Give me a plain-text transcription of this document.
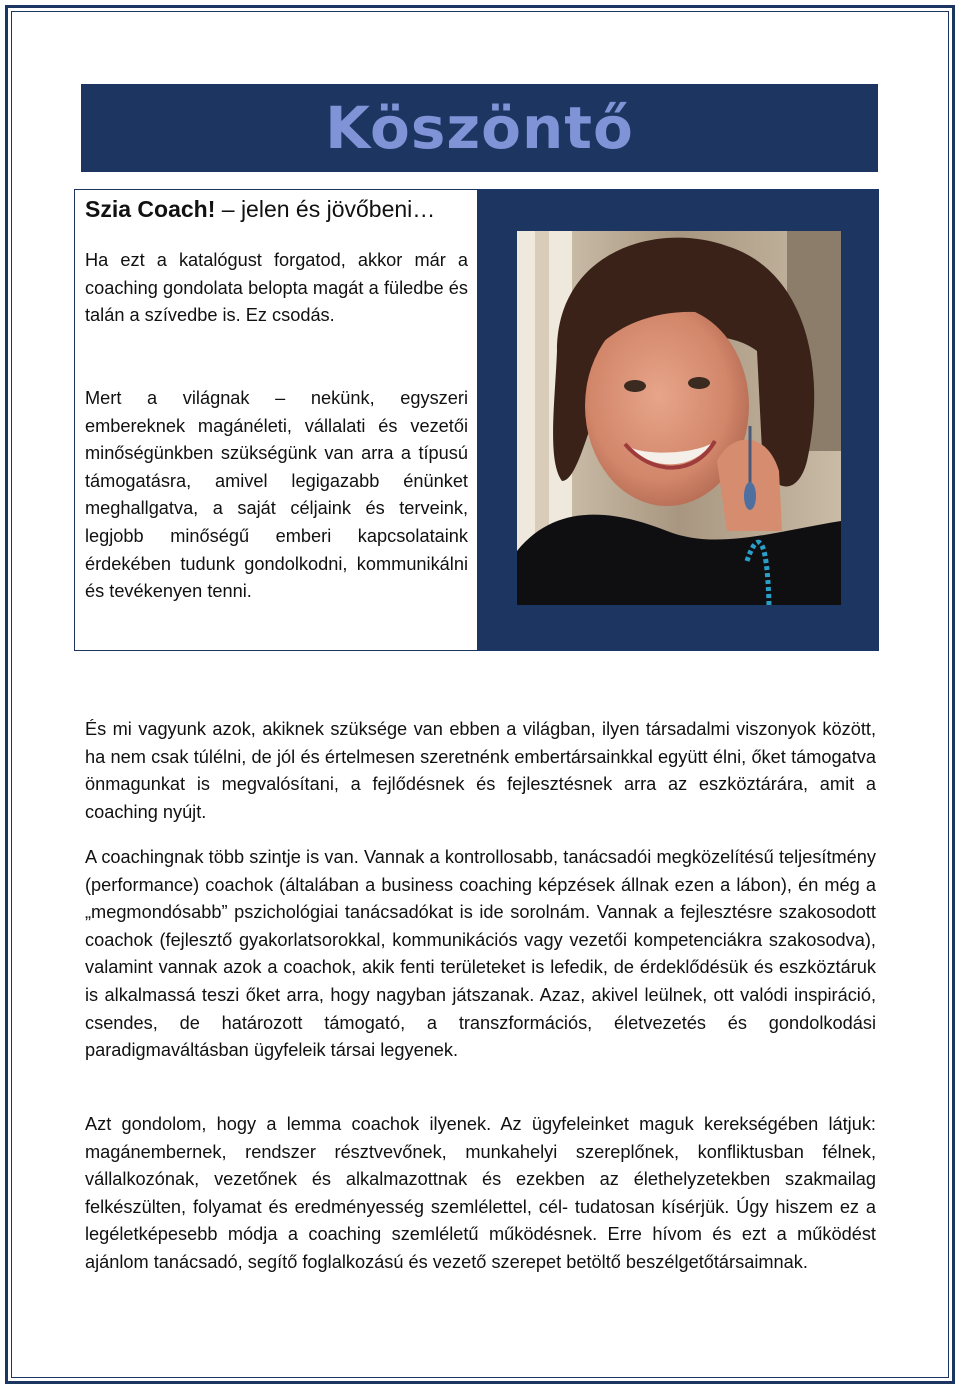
Köszöntő
Szia Coach! – jelen és jövőbeni…
Ha ezt a katalógust forgatod, akkor már a coaching gondolata belopta magát a füledbe és talán a szívedbe is. Ez csodás.
Mert a világnak – nekünk, egyszeri embereknek magánéleti, vállalati és vezetői minőségünkben szükségünk van arra a típusú támogatásra, amivel legigazabb énünket meghallgatva, a saját céljaink és terveink, legjobb minőségű emberi kapcsolataink érdekében tudunk gondolkodni, kommunikálni és tevékenyen tenni.
És mi vagyunk azok, akiknek szüksége van ebben a világban, ilyen társadalmi viszonyok között, ha nem csak túlélni, de jól és értelmesen szeretnénk embertársainkkal együtt élni, őket támogatva önmagunkat is megvalósítani, a fejlődésnek és fejlesztésnek arra az eszköztárára, amit a coaching nyújt.
A coachingnak több szintje is van. Vannak a kontrollosabb, tanácsadói megközelítésű teljesítmény (performance) coachok (általában a business coaching képzések állnak ezen a lábon), én még a „megmondósabb” pszichológiai tanácsadókat is ide sorolnám. Vannak a fejlesztésre szakosodott coachok (fejlesztő gyakorlatsorokkal, kommunikációs vagy vezetői kompetenciákra szakosodva), valamint vannak azok a coachok, akik fenti területeket is lefedik, de érdeklődésük és eszköztáruk is alkalmassá teszi őket arra, hogy nagyban játszanak. Azaz, akivel leülnek, ott valódi inspiráció, csendes, de határozott támogató, a transzformációs, életvezetés és gondolkodási paradigmaváltásban ügyfeleik társai legyenek.
Azt gondolom, hogy a lemma coachok ilyenek. Az ügyfeleinket maguk kerekségében látjuk: magánembernek, rendszer résztvevőnek, munkahelyi szereplőnek, konfliktusban félnek, vállalkozónak, vezetőnek és alkalmazottnak és ezekben az élethelyzetekben szakmailag felkészülten, folyamat és eredményesség szemlélettel, cél- tudatosan kísérjük. Úgy hiszem ez a legéletképesebb módja a coaching szemléletű működésnek. Erre hívom és ezt a működést ajánlom tanácsadó, segítő foglalkozású és vezető szerepet betöltő beszélgetőtársaimnak.
